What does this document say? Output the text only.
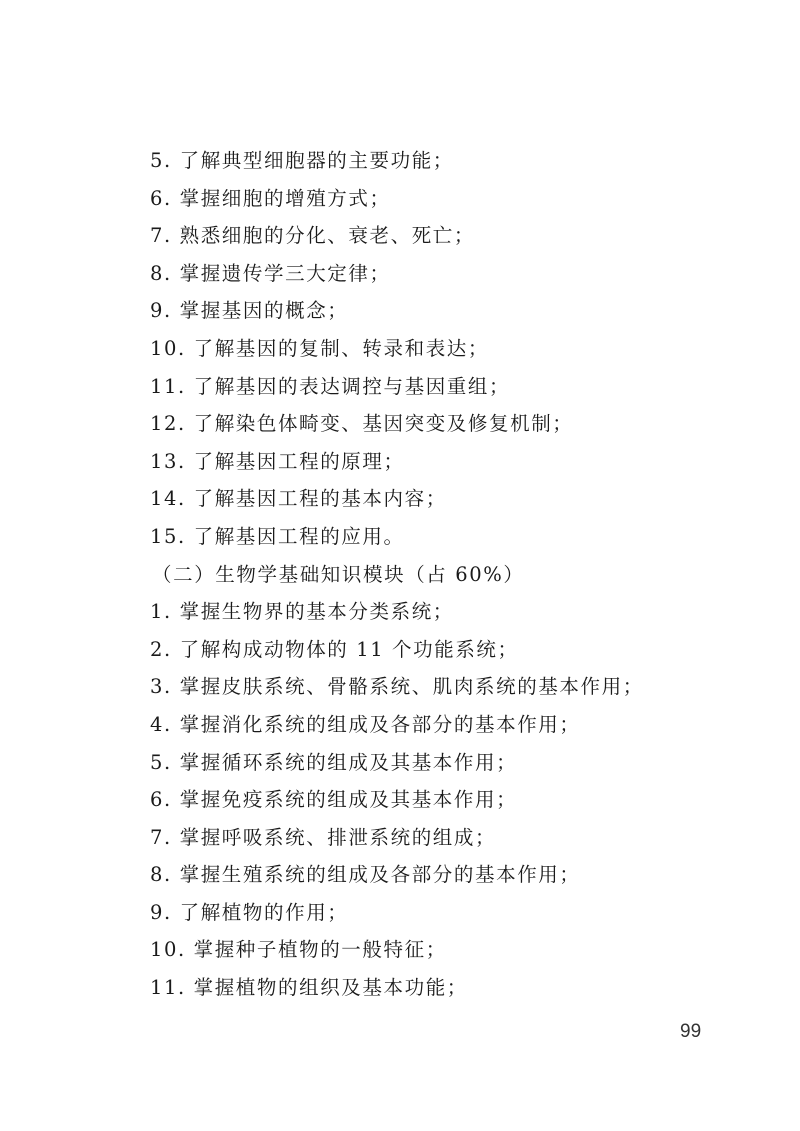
5. 了解典型细胞器的主要功能；
6. 掌握细胞的增殖方式；
7. 熟悉细胞的分化、衰老、死亡；
8. 掌握遗传学三大定律；
9. 掌握基因的概念；
10. 了解基因的复制、转录和表达；
11. 了解基因的表达调控与基因重组；
12. 了解染色体畸变、基因突变及修复机制；
13. 了解基因工程的原理；
14. 了解基因工程的基本内容；
15. 了解基因工程的应用。
（二）生物学基础知识模块（占 60%）
1. 掌握生物界的基本分类系统；
2. 了解构成动物体的 11 个功能系统；
3. 掌握皮肤系统、骨骼系统、肌肉系统的基本作用；
4. 掌握消化系统的组成及各部分的基本作用；
5. 掌握循环系统的组成及其基本作用；
6. 掌握免疫系统的组成及其基本作用；
7. 掌握呼吸系统、排泄系统的组成；
8. 掌握生殖系统的组成及各部分的基本作用；
9. 了解植物的作用；
10. 掌握种子植物的一般特征；
11. 掌握植物的组织及基本功能；
99
